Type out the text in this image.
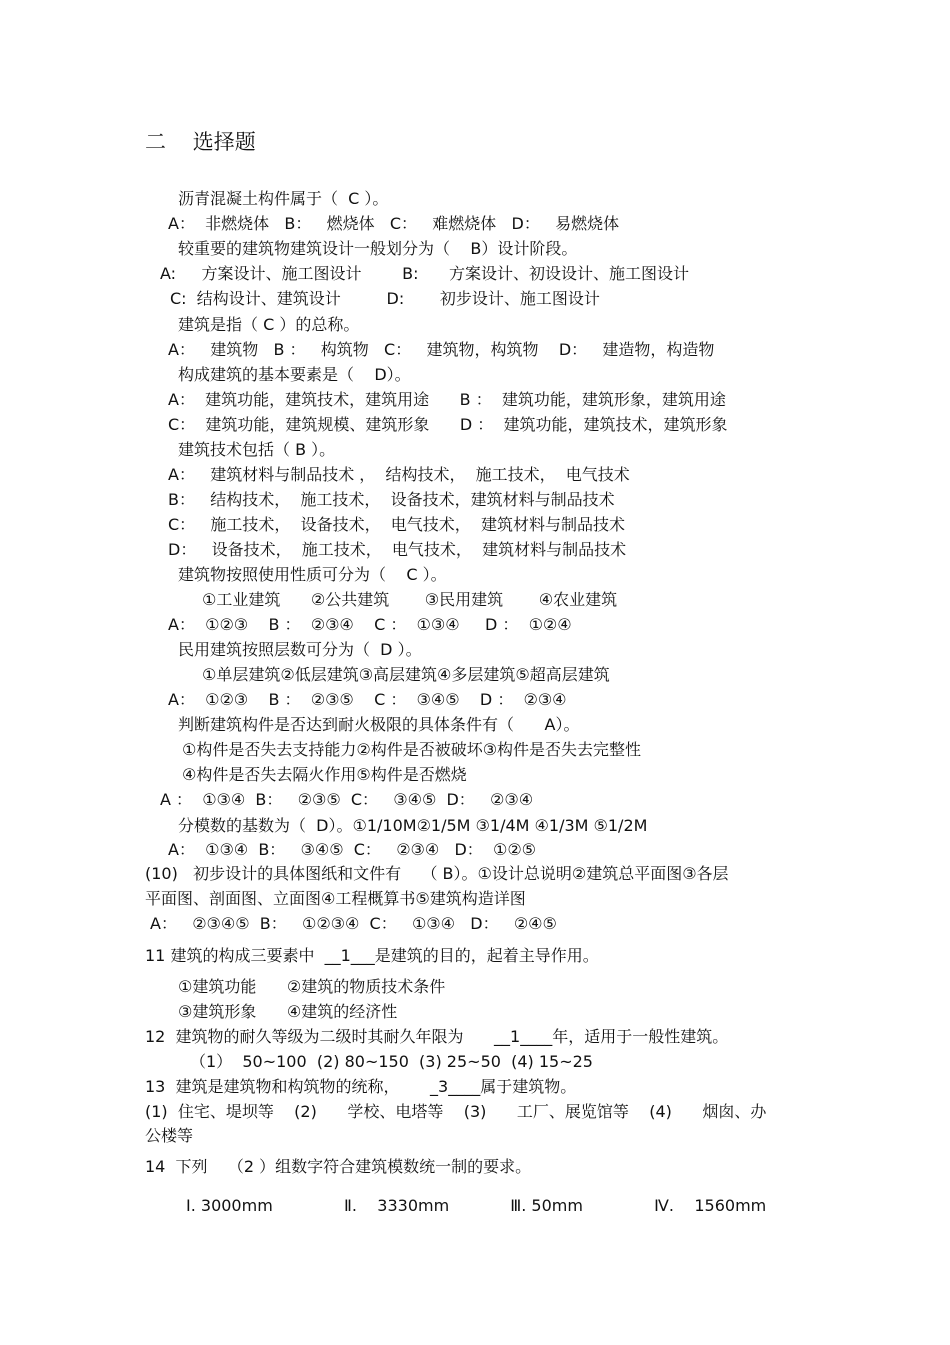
二    选择题

沥青混凝土构件属于（  C ）。

A：  非燃烧体   B：   燃烧体   C：   难燃烧体   D：   易燃烧体

较重要的建筑物建筑设计一般划分为（    B）设计阶段。

A:     方案设计、施工图设计        B:      方案设计、初设设计、施工图设计

C:  结构设计、建筑设计         D:       初步设计、施工图设计

建筑是指（ C ）的总称。

A：   建筑物   B ：   构筑物   C：   建筑物，构筑物    D：   建造物，构造物

构成建筑的基本要素是（    D）。

A：  建筑功能，建筑技术，建筑用途      B ：  建筑功能，建筑形象，建筑用途

C：  建筑功能，建筑规模、建筑形象      D ：  建筑功能，建筑技术，建筑形象

建筑技术包括（ B ）。

A：   建筑材料与制品技术 ，  结构技术，  施工技术，  电气技术

B：   结构技术，  施工技术，  设备技术，建筑材料与制品技术

C：   施工技术，  设备技术，  电气技术，  建筑材料与制品技术

D：   设备技术，  施工技术，  电气技术，  建筑材料与制品技术

建筑物按照使用性质可分为（    C ）。

①工业建筑      ②公共建筑       ③民用建筑       ④农业建筑

A：  ①②③    B ：  ②③④    C ：  ①③④     D ：  ①②④

民用建筑按照层数可分为（  D ）。

①单层建筑②低层建筑③高层建筑④多层建筑⑤超高层建筑

A：  ①②③    B ：  ②③⑤    C ：  ③④⑤    D ：  ②③④

判断建筑构件是否达到耐火极限的具体条件有（      A）。

①构件是否失去支持能力②构件是否被破坏③构件是否失去完整性

④构件是否失去隔火作用⑤构件是否燃烧

A ：  ①③④  B：   ②③⑤  C：   ③④⑤  D：   ②③④

分模数的基数为（  D）。①1/10M②1/5M ③1/4M ④1/3M ⑤1/2M

A：  ①③④  B：   ③④⑤  C：   ②③④   D：  ①②⑤

(10)   初步设计的具体图纸和文件有    （ B）。①设计总说明②建筑总平面图③各层

平面图、剖面图、立面图④工程概算书⑤建筑构造详图

A：   ②③④⑤  B：   ①②③④  C：   ①③④   D：   ②④⑤

11 建筑的构成三要素中  __1___是建筑的目的，起着主导作用。

①建筑功能      ②建筑的物质技术条件

③建筑形象      ④建筑的经济性

12  建筑物的耐久等级为二级时其耐久年限为      __1____年，适用于一般性建筑。

（1）  50~100  (2) 80~150  (3) 25~50  (4) 15~25

13  建筑是建筑物和构筑物的统称，      _3____属于建筑物。

(1)  住宅、堤坝等    (2)      学校、电塔等    (3)      工厂、展览馆等    (4)      烟囱、办

公楼等

14  下列    （2 ）组数字符合建筑模数统一制的要求。

Ⅰ. 3000mm              Ⅱ.    3330mm            Ⅲ. 50mm              Ⅳ.    1560mm
